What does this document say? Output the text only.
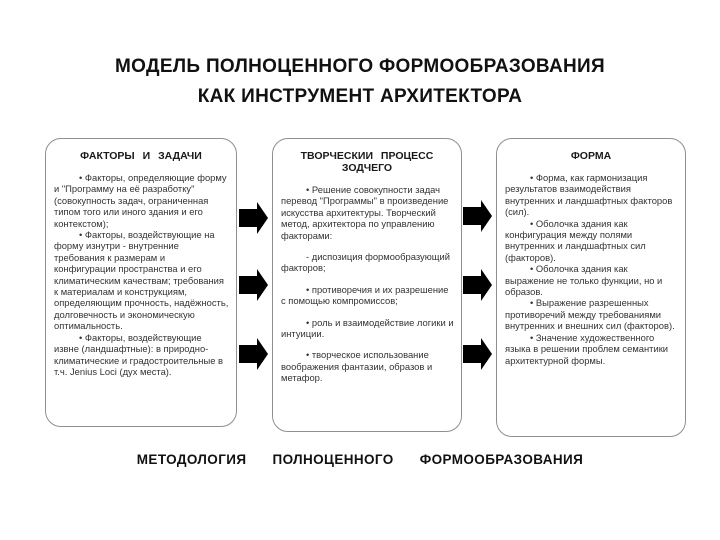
МОДЕЛЬ ПОЛНОЦЕННОГО ФОРМООБРАЗОВАНИЯ
КАК ИНСТРУМЕНТ АРХИТЕКТОРА
ФАКТОРЫ И ЗАДАЧИ

• Факторы, определяющие форму и "Программу на её разработку"(совокупность задач, ограниченная типом того или иного здания и его контекстом);

• Факторы, воздействующие на форму изнутри - внутренние требования к размерам и конфигурации пространства и его климатическим качествам; требования к материалам и конструкциям, определяющим прочность, надёжность, долговечность и экономическую оптимальность.

• Факторы, воздействующие извне (ландшафтные): в природно-климатические и градостроительные в т.ч. Jenius Loci (дух места).

ТВОРЧЕСКИИ ПРОЦЕСС ЗОДЧЕГО

• Решение совокупности задач перевод "Программы" в произведение искусства архитектуры. Творческий метод, архитектора по управлению факторами:

- диспозиция формообразующий факторов;

• противоречия и их разрешение с помощью компромиссов;

• роль и взаимодействие логики и интуиции.

• творческое использование воображения фантазии, образов и метафор.

ФОРМА

• Форма, как гармонизация результатов взаимодействия внутренних и ландшафтных факторов (сил).

• Оболочка здания как конфигурация между полями внутренних и ландшафтных сил (факторов).

• Оболочка здания как выражение не только функции, но и образов.

• Выражение разрешенных противоречий между требованиями внутренних и внешних сил (факторов).

• Значение художественного языка в решении проблем семантики архитектурной формы.

МЕТОДОЛОГИЯ ПОЛНОЦЕННОГО ФОРМООБРАЗОВАНИЯ
